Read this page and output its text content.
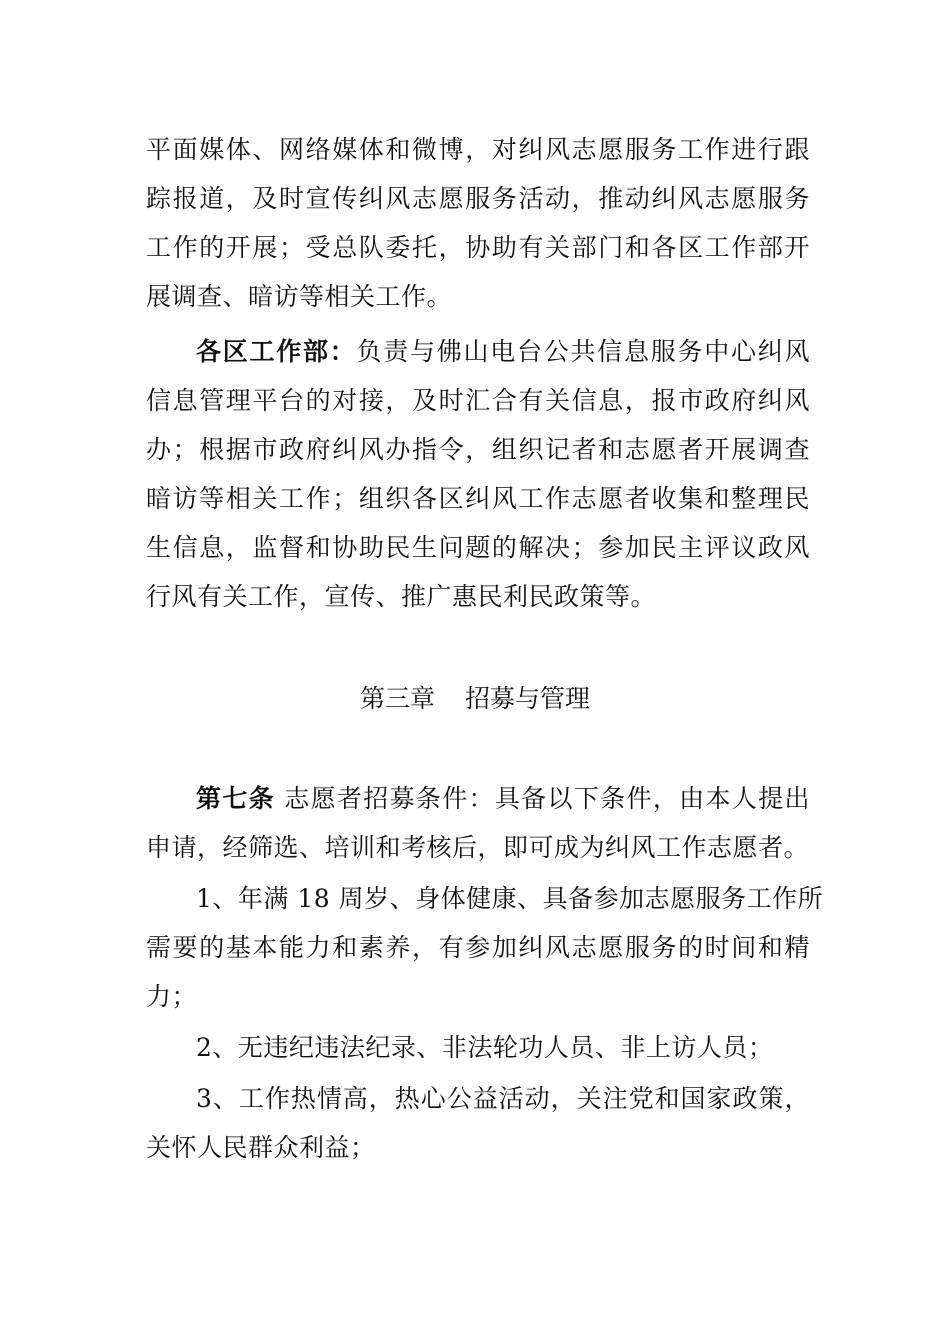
平面媒体、网络媒体和微博，对纠风志愿服务工作进行跟
踪报道，及时宣传纠风志愿服务活动，推动纠风志愿服务
工作的开展；受总队委托，协助有关部门和各区工作部开
展调查、暗访等相关工作。
各区工作部：负责与佛山电台公共信息服务中心纠风
信息管理平台的对接，及时汇合有关信息，报市政府纠风
办；根据市政府纠风办指令，组织记者和志愿者开展调查
暗访等相关工作；组织各区纠风工作志愿者收集和整理民
生信息，监督和协助民生问题的解决；参加民主评议政风
行风有关工作，宣传、推广惠民利民政策等。
第三章 招募与管理
第七条 志愿者招募条件：具备以下条件，由本人提出
申请，经筛选、培训和考核后，即可成为纠风工作志愿者。
1、年满 18 周岁、身体健康、具备参加志愿服务工作所
需要的基本能力和素养，有参加纠风志愿服务的时间和精
力；
2、无违纪违法纪录、非法轮功人员、非上访人员；
3、工作热情高，热心公益活动，关注党和国家政策，
关怀人民群众利益；
